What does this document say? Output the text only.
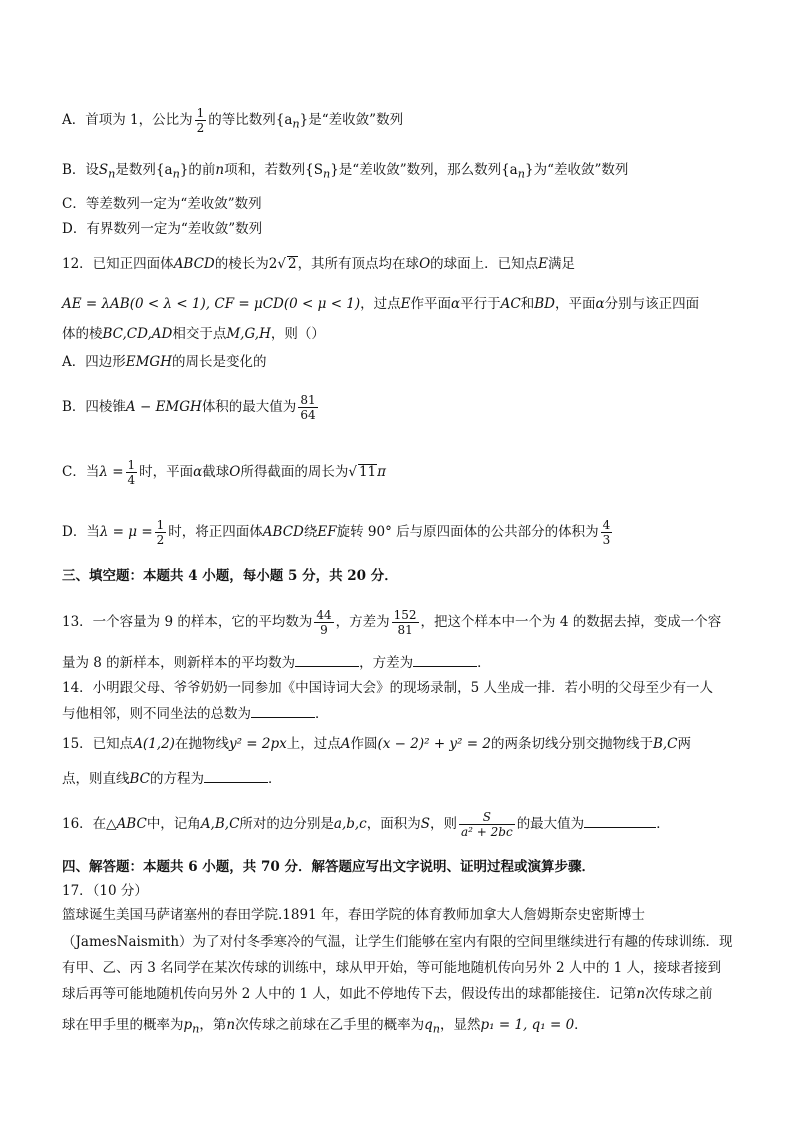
A．首项为 1，公比为 $\frac{1}{2}$ 的等比数列$\{a_n\}$是“差收敛”数列
B．设$S_n$是数列$\{a_n\}$的前n项和，若数列$\{S_n\}$是“差收敛”数列，那么数列$\{a_n\}$为“差收敛”数列
C．等差数列一定为“差收敛”数列
D．有界数列一定为“差收敛”数列
12．已知正四面体ABCD的棱长为2√ 2，其所有顶点均在球O的球面上．已知点E满足
AE = λAB(0 < λ < 1), CF = μCD(0 < μ < 1)，过点E作平面α平行于AC和BD，平面α分别与该正四面
体的棱BC,CD,AD相交于点M,G,H，则（）
A．四边形EMGH的周长是变化的
B．四棱锥A − EMGH体积的最大值为 $\frac{81}{64}$
C．当$\lambda = \frac{1}{4}$ 时，平面α截球O所得截面的周长为√ 11π
D．当$\lambda = \mu = \frac{1}{2}$ 时，将正四面体ABCD绕EF旋转 90° 后与原四面体的公共部分的体积为 $\frac{4}{3}$
三、填空题：本题共 4 小题，每小题 5 分，共 20 分．
13．一个容量为 9 的样本，它的平均数为 $\frac{44}{9}$ ，方差为 $\frac{152}{81}$ ，把这个样本中一个为 4 的数据去掉，变成一个容
量为 8 的新样本，则新样本的平均数为	，方差为	．
14．小明跟父母、爷爷奶奶一同参加《中国诗词大会》的现场录制，5 人坐成一排．若小明的父母至少有一人
与他相邻，则不同坐法的总数为	．
15．已知点A(1,2)在抛物线y² = 2px上，过点A作圆(x − 2)² + y² = 2的两条切线分别交抛物线于B,C两
点，则直线BC的方程为	．
16．在△ABC中，记角A,B,C所对的边分别是a,b,c，面积为S，则 $\frac{S}{\text{a² + 2bc}}$ 的最大值为	．
四、解答题：本题共 6 小题，共 70 分．解答题应写出文字说明、证明过程或演算步骤．
17．（10 分）
篮球诞生美国马萨诸塞州的春田学院.1891 年，春田学院的体育教师加拿大人詹姆斯奈史密斯博士
（JamesNaismith）为了对付冬季寒冷的气温，让学生们能够在室内有限的空间里继续进行有趣的传球训练．现
有甲、乙、丙 3 名同学在某次传球的训练中，球从甲开始，等可能地随机传向另外 2 人中的 1 人，接球者接到
球后再等可能地随机传向另外 2 人中的 1 人，如此不停地传下去，假设传出的球都能接住．记第n次传球之前
球在甲手里的概率为$p_n$，第n次传球之前球在乙手里的概率为$q_n$，显然p₁ = 1, q₁ = 0．
